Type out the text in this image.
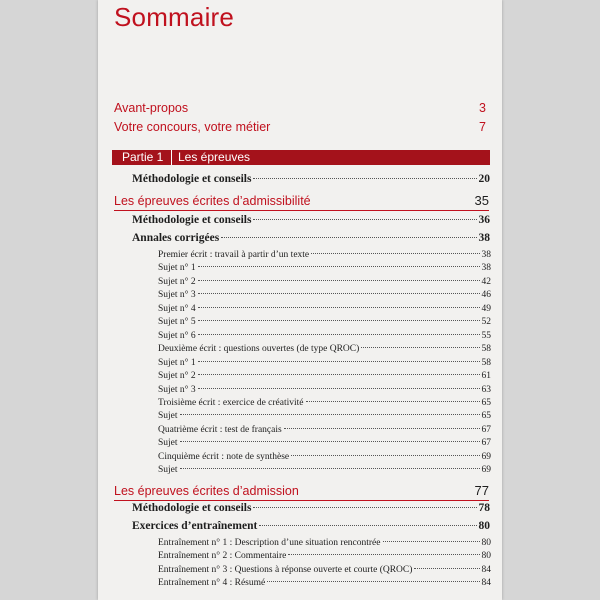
Sommaire
Avant-propos	3
Votre concours, votre métier	7
Partie 1 Les épreuves
Méthodologie et conseils	20
Les épreuves écrites d’admissibilité	35
Méthodologie et conseils	36
Annales corrigées	38
Premier écrit : travail à partir d’un texte	38
Sujet n° 1	38
Sujet n° 2	42
Sujet n° 3	46
Sujet n° 4	49
Sujet n° 5	52
Sujet n° 6	55
Deuxième écrit : questions ouvertes (de type QROC)	58
Sujet n° 1	58
Sujet n° 2	61
Sujet n° 3	63
Troisième écrit : exercice de créativité	65
Sujet	65
Quatrième écrit : test de français	67
Sujet	67
Cinquième écrit : note de synthèse	69
Sujet	69
Les épreuves écrites d’admission	77
Méthodologie et conseils	78
Exercices d’entraînement	80
Entraînement n° 1 : Description d’une situation rencontrée	80
Entraînement n° 2 : Commentaire	80
Entraînement n° 3 : Questions à réponse ouverte et courte (QROC)	84
Entraînement n° 4 : Résumé	84
